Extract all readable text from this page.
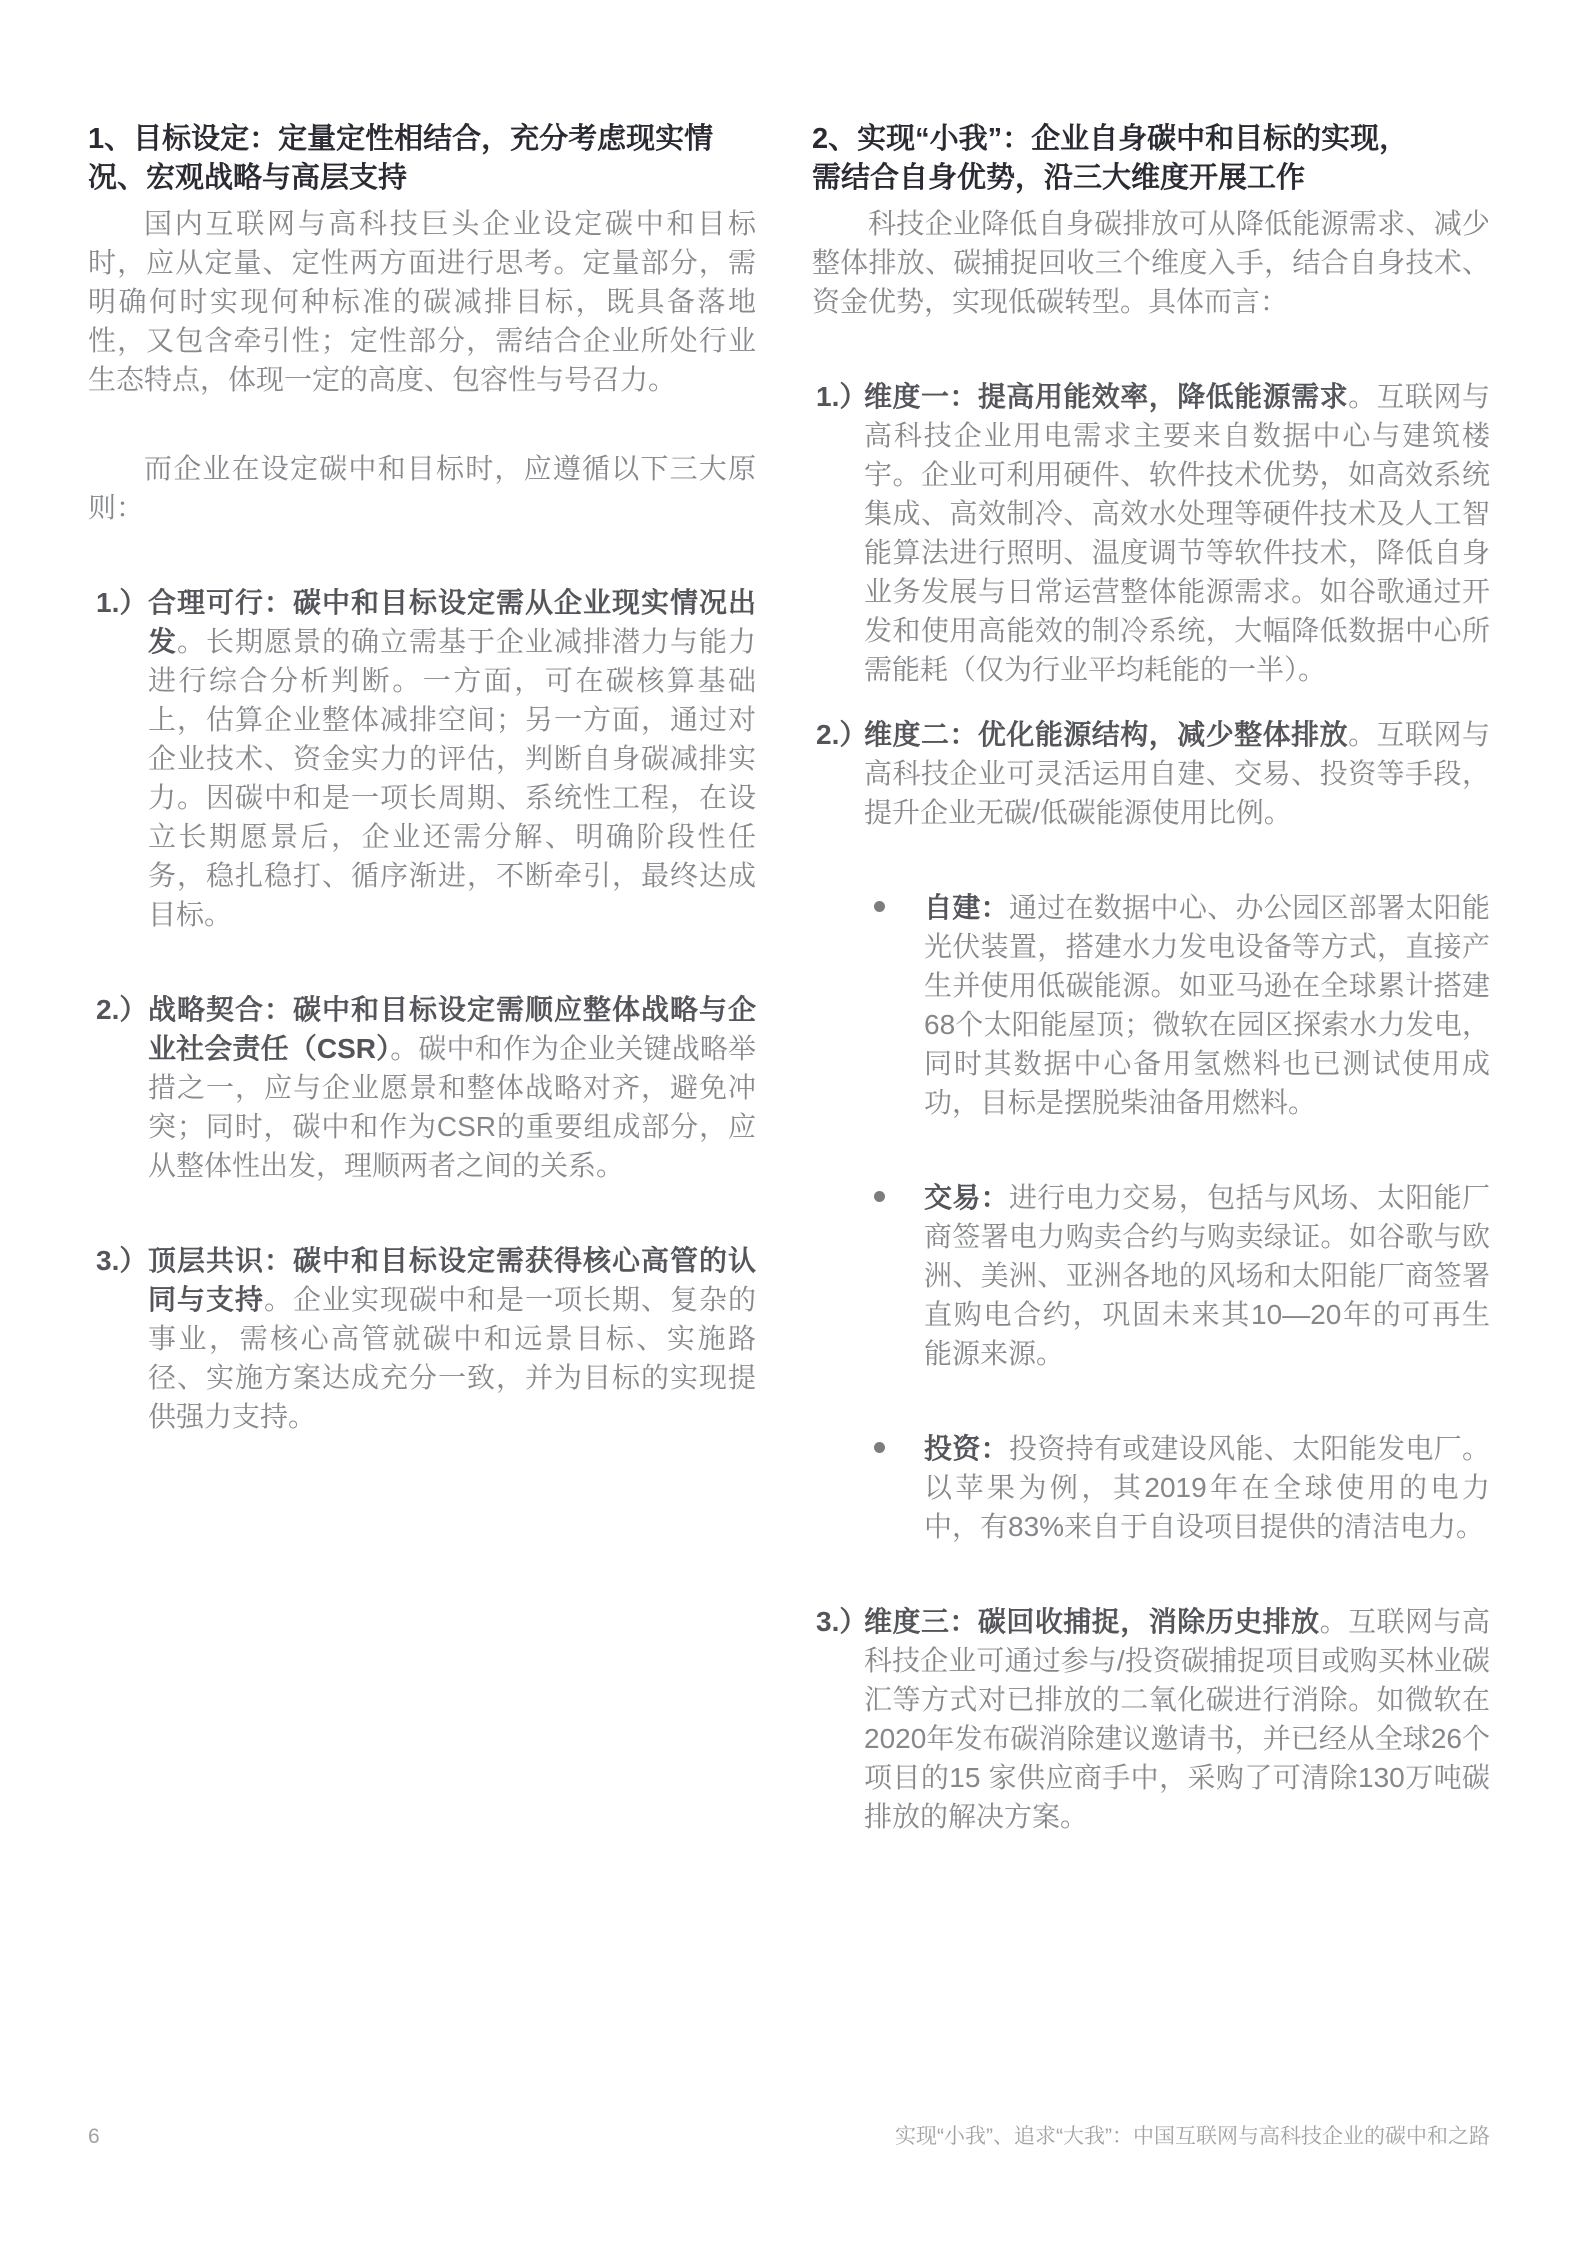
1、目标设定：定量定性相结合，充分考虑现实情
况、宏观战略与高层支持

国内互联网与高科技巨头企业设定碳中和目标时，应从定量、定性两方面进行思考。定量部分，需明确何时实现何种标准的碳减排目标，既具备落地性，又包含牵引性；定性部分，需结合企业所处行业生态特点，体现一定的高度、包容性与号召力。

而企业在设定碳中和目标时，应遵循以下三大原则：

1.） 合理可行：碳中和目标设定需从企业现实情况出发。长期愿景的确立需基于企业减排潜力与能力进行综合分析判断。一方面，可在碳核算基础上，估算企业整体减排空间；另一方面，通过对企业技术、资金实力的评估，判断自身碳减排实力。因碳中和是一项长周期、系统性工程，在设立长期愿景后，企业还需分解、明确阶段性任务，稳扎稳打、循序渐进，不断牵引，最终达成目标。
2.） 战略契合：碳中和目标设定需顺应整体战略与企业社会责任（CSR）。碳中和作为企业关键战略举措之一，应与企业愿景和整体战略对齐，避免冲突；同时，碳中和作为CSR的重要组成部分，应从整体性出发，理顺两者之间的关系。
3.） 顶层共识：碳中和目标设定需获得核心高管的认同与支持。企业实现碳中和是一项长期、复杂的事业，需核心高管就碳中和远景目标、实施路径、实施方案达成充分一致，并为目标的实现提供强力支持。
2、实现“小我”：企业自身碳中和目标的实现，
需结合自身优势，沿三大维度开展工作

科技企业降低自身碳排放可从降低能源需求、减少整体排放、碳捕捉回收三个维度入手，结合自身技术、资金优势，实现低碳转型。具体而言：

1.）
维度一：提高用能效率，降低能源需求。互联网与高科技企业用电需求主要来自数据中心与建筑楼宇。企业可利用硬件、软件技术优势，如高效系统集成、高效制冷、高效水处理等硬件技术及人工智能算法进行照明、温度调节等软件技术，降低自身业务发展与日常运营整体能源需求。如谷歌通过开发和使用高能效的制冷系统，大幅降低数据中心所需能耗（仅为行业平均耗能的一半）。
2.）
维度二：优化能源结构，减少整体排放。互联网与高科技企业可灵活运用自建、交易、投资等手段，提升企业无碳/低碳能源使用比例。
自建：通过在数据中心、办公园区部署太阳能光伏装置，搭建水力发电设备等方式，直接产生并使用低碳能源。如亚马逊在全球累计搭建68个太阳能屋顶；微软在园区探索水力发电，同时其数据中心备用氢燃料也已测试使用成功，目标是摆脱柴油备用燃料。
交易：进行电力交易，包括与风场、太阳能厂商签署电力购卖合约与购卖绿证。如谷歌与欧洲、美洲、亚洲各地的风场和太阳能厂商签署直购电合约，巩固未来其10—20年的可再生能源来源。
投资：投资持有或建设风能、太阳能发电厂。以苹果为例，其2019年在全球使用的电力中，有83%来自于自设项目提供的清洁电力。
3.）
维度三：碳回收捕捉，消除历史排放。互联网与高科技企业可通过参与/投资碳捕捉项目或购买林业碳汇等方式对已排放的二氧化碳进行消除。如微软在2020年发布碳消除建议邀请书，并已经从全球26个项目的15 家供应商手中，采购了可清除130万吨碳排放的解决方案。
6	实现“小我”、追求“大我”：中国互联网与高科技企业的碳中和之路
